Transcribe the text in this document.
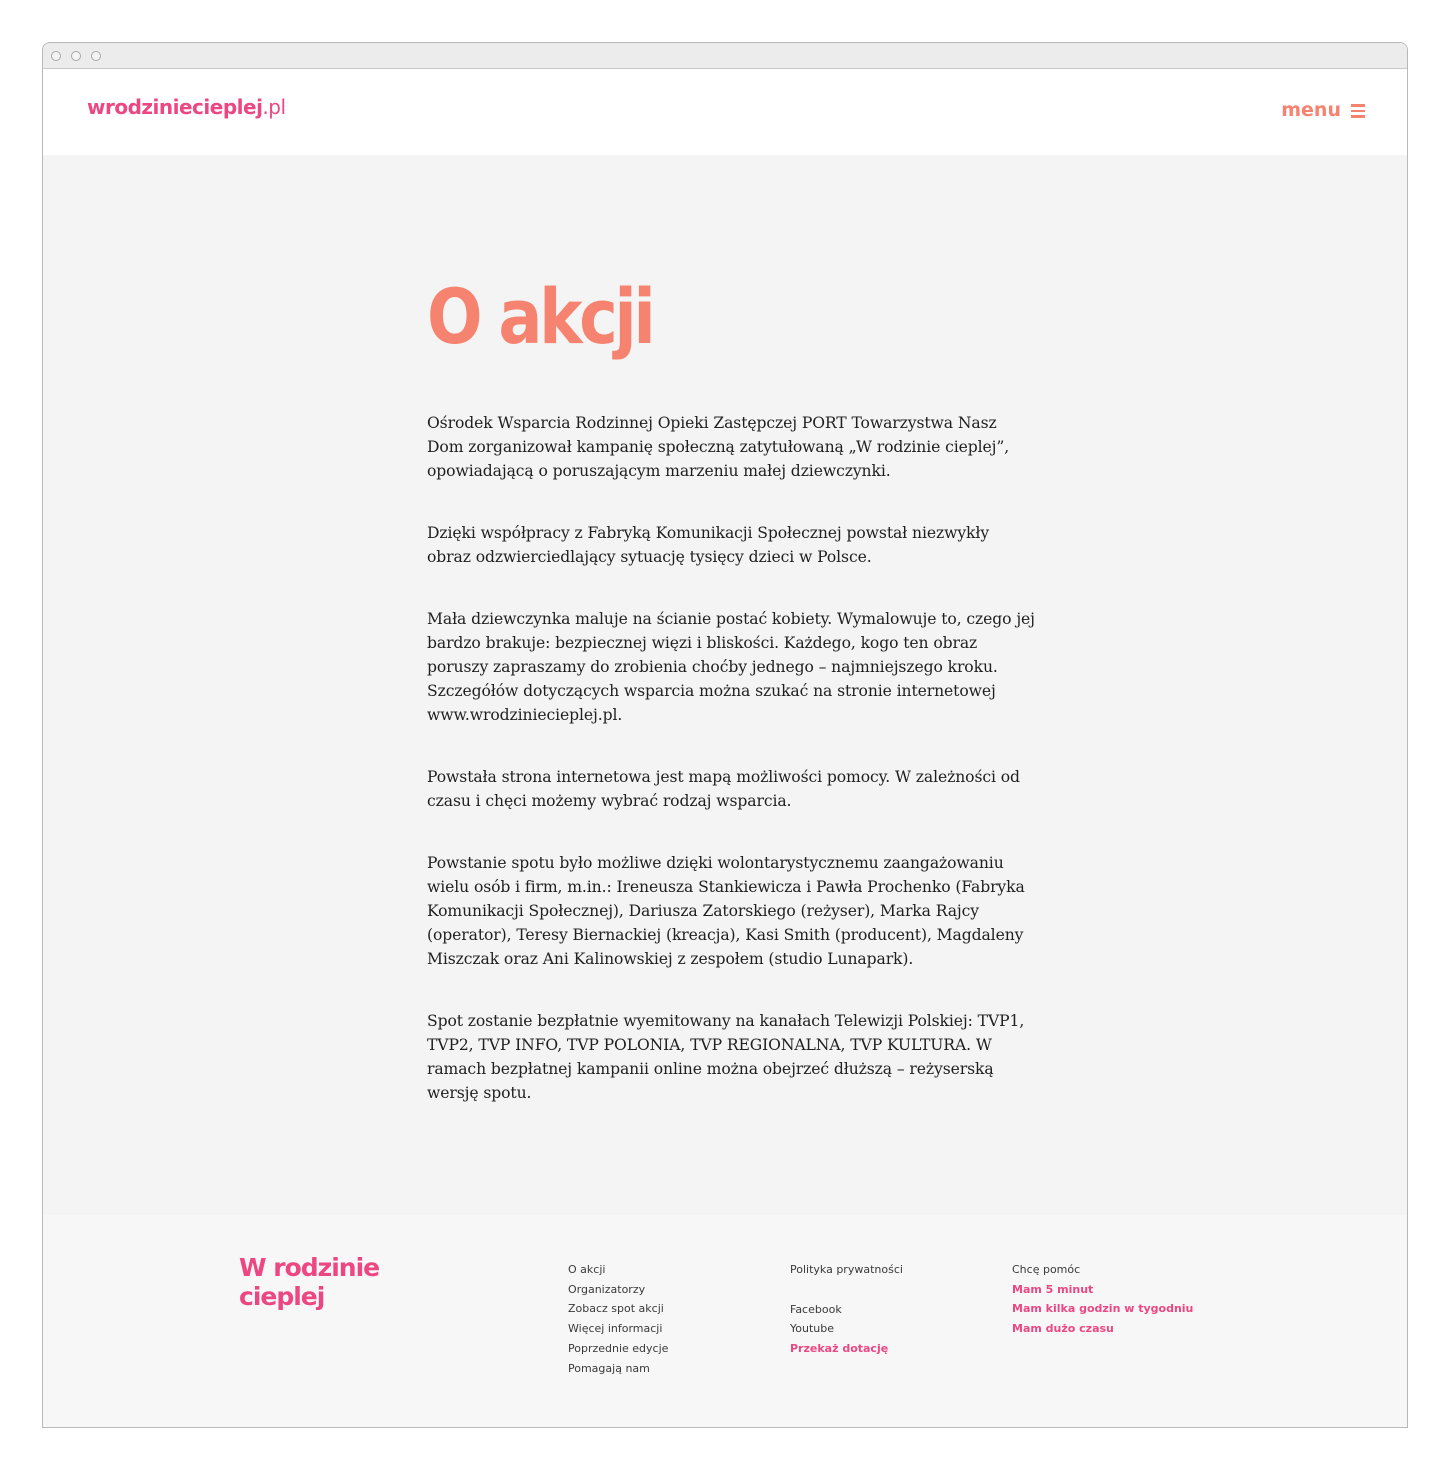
wrodziniecieplej.pl	menu
O akcji

Ośrodek Wsparcia Rodzinnej Opieki Zastępczej PORT Towarzystwa Nasz Dom zorganizował kampanię społeczną zatytułowaną „W rodzinie cieplej”, opowiadającą o poruszającym marzeniu małej dziewczynki.

Dzięki współpracy z Fabryką Komunikacji Społecznej powstał niezwykły obraz odzwierciedlający sytuację tysięcy dzieci w Polsce.

Mała dziewczynka maluje na ścianie postać kobiety. Wymalowuje to, czego jej bardzo brakuje: bezpiecznej więzi i bliskości. Każdego, kogo ten obraz poruszy zapraszamy do zrobienia choćby jednego – najmniejszego kroku. Szczegółów dotyczących wsparcia można szukać na stronie internetowej www.wrodziniecieplej.pl.

Powstała strona internetowa jest mapą możliwości pomocy. W zależności od czasu i chęci możemy wybrać rodzaj wsparcia.

Powstanie spotu było możliwe dzięki wolontarystycznemu zaangażowaniu wielu osób i firm, m.in.: Ireneusza Stankiewicza i Pawła Prochenko (Fabryka Komunikacji Społecznej), Dariusza Zatorskiego (reżyser), Marka Rajcy (operator), Teresy Biernackiej (kreacja), Kasi Smith (producent), Magdaleny Miszczak oraz Ani Kalinowskiej z zespołem (studio Lunapark).

Spot zostanie bezpłatnie wyemitowany na kanałach Telewizji Polskiej: TVP1, TVP2, TVP INFO, TVP POLONIA, TVP REGIONALNA, TVP KULTURA. W ramach bezpłatnej kampanii online można obejrzeć dłuższą – reżyserską wersję spotu.

W rodzinie
cieplej
O akcji
Organizatorzy
Zobacz spot akcji
Więcej informacji
Poprzednie edycje
Pomagają nam
Polityka prywatności
Facebook
Youtube
Przekaż dotację
Chcę pomóc
Mam 5 minut
Mam kilka godzin w tygodniu
Mam dużo czasu
